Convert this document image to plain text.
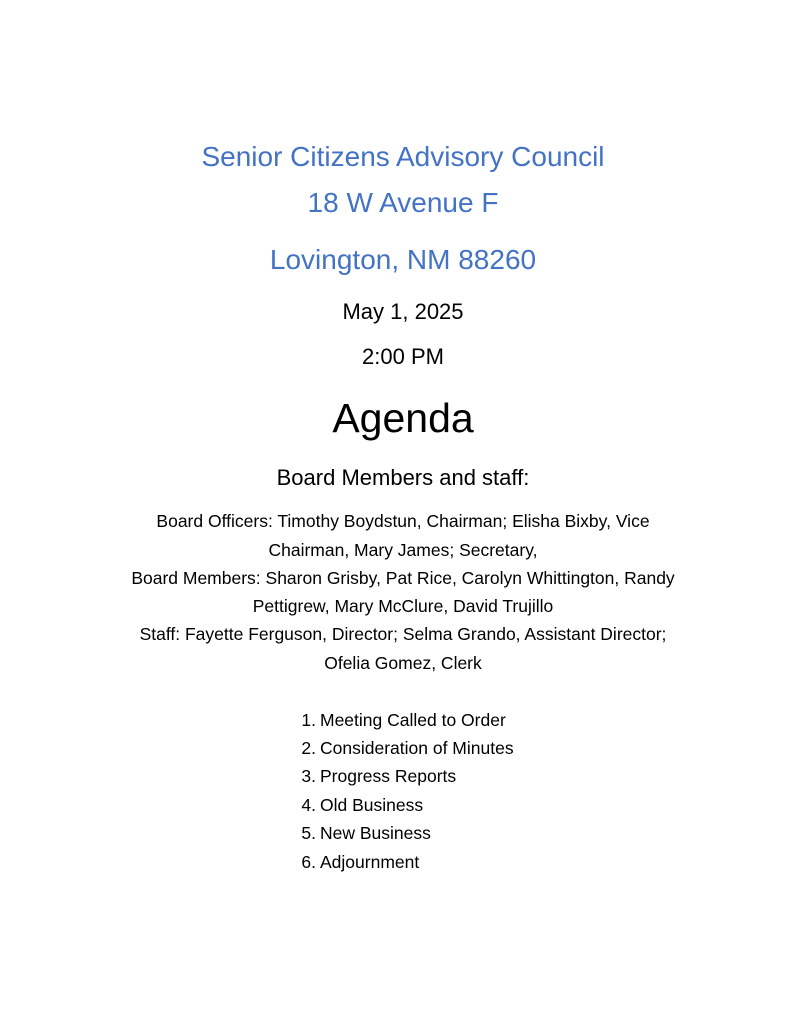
Senior Citizens Advisory Council
18 W Avenue F
Lovington, NM 88260
May 1, 2025
2:00 PM
Agenda
Board Members and staff:
Board Officers: Timothy Boydstun, Chairman; Elisha Bixby, Vice
Chairman, Mary James; Secretary,
Board Members: Sharon Grisby, Pat Rice, Carolyn Whittington, Randy
Pettigrew, Mary McClure, David Trujillo
Staff: Fayette Ferguson, Director; Selma Grando, Assistant Director;
Ofelia Gomez, Clerk
1. Meeting Called to Order
2. Consideration of Minutes
3. Progress Reports
4. Old Business
5. New Business
6. Adjournment
